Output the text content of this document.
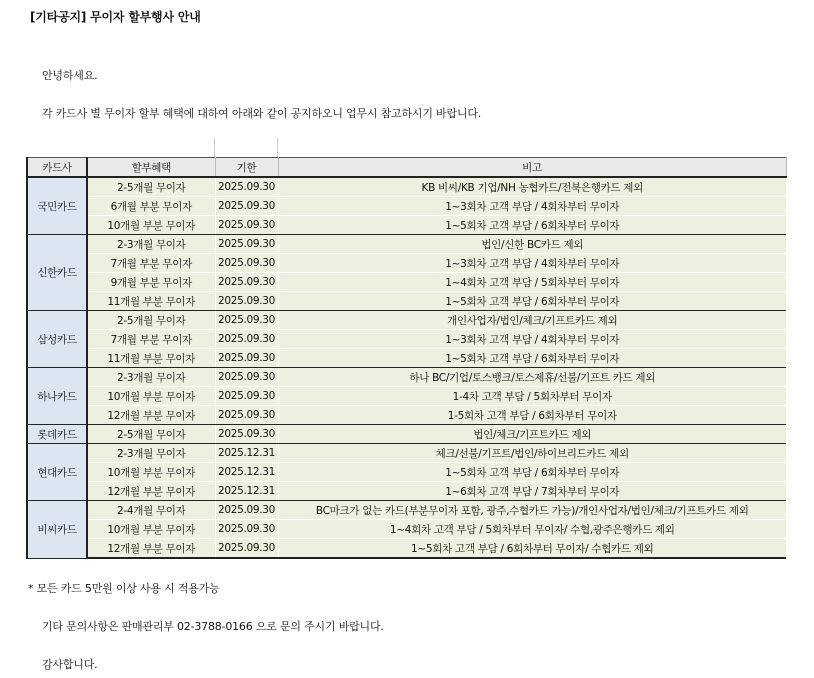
[기타공지] 무이자 할부행사 안내
안녕하세요.
각 카드사 별 무이자 할부 혜택에 대하여 아래와 같이 공지하오니 업무시 참고하시기 바랍니다.
카드사	할부혜택	기한	비고
국민카드	2-5개월 무이자	2025.09.30	KB 비씨/KB 기업/NH 농협카드/전북은행카드 제외
	6개월 부분 무이자	2025.09.30	1~3회차 고객 부담 / 4회차부터 무이자
	10개월 부분 무이자	2025.09.30	1~5회차 고객 부담 / 6회차부터 무이자
신한카드	2-3개월 무이자	2025.09.30	법인/신한 BC카드 제외
	7개월 부분 무이자	2025.09.30	1~3회차 고객 부담 / 4회차부터 무이자
	9개월 부분 무이자	2025.09.30	1~4회차 고객 부담 / 5회차부터 무이자
	11개월 부분 무이자	2025.09.30	1~5회차 고객 부담 / 6회차부터 무이자
삼성카드	2-5개월 무이자	2025.09.30	개인사업자/법인/체크/기프트카드 제외
	7개월 부분 무이자	2025.09.30	1~3회차 고객 부담 / 4회차부터 무이자
	11개월 부분 무이자	2025.09.30	1~5회차 고객 부담 / 6회차부터 무이자
하나카드	2-3개월 무이자	2025.09.30	하나 BC/기업/토스뱅크/토스제휴/선불/기프트 카드 제외
	10개월 부분 무이자	2025.09.30	1-4차 고객 부담 / 5회차부터 무이자
	12개월 부분 무이자	2025.09.30	1-5회차 고객 부담 / 6회차부터 무이자
롯데카드	2-5개월 무이자	2025.09.30	법인/체크/기프트카드 제외
현대카드	2-3개월 무이자	2025.12.31	체크/선불/기프트/법인/하이브리드카드 제외
	10개월 부분 무이자	2025.12.31	1~5회차 고객 부담 / 6회차부터 무이자
	12개월 부분 무이자	2025.12.31	1~6회차 고객 부담 / 7회차부터 무이자
비씨카드	2-4개월 무이자	2025.09.30	BC마크가 없는 카드(부분무이자 포함, 광주,수협카드 가능)/개인사업자/법인/체크/기프트카드 제외
	10개월 부분 무이자	2025.09.30	1~4회차 고객 부담 / 5회차부터 무이자/ 수협,광주은행카드 제외
	12개월 부분 무이자	2025.09.30	1~5회차 고객 부담 / 6회차부터 무이자/ 수협카드 제외
* 모든 카드 5만원 이상 사용 시 적용가능
기타 문의사항은 판매관리부 02-3788-0166 으로 문의 주시기 바랍니다.
감사합니다.
